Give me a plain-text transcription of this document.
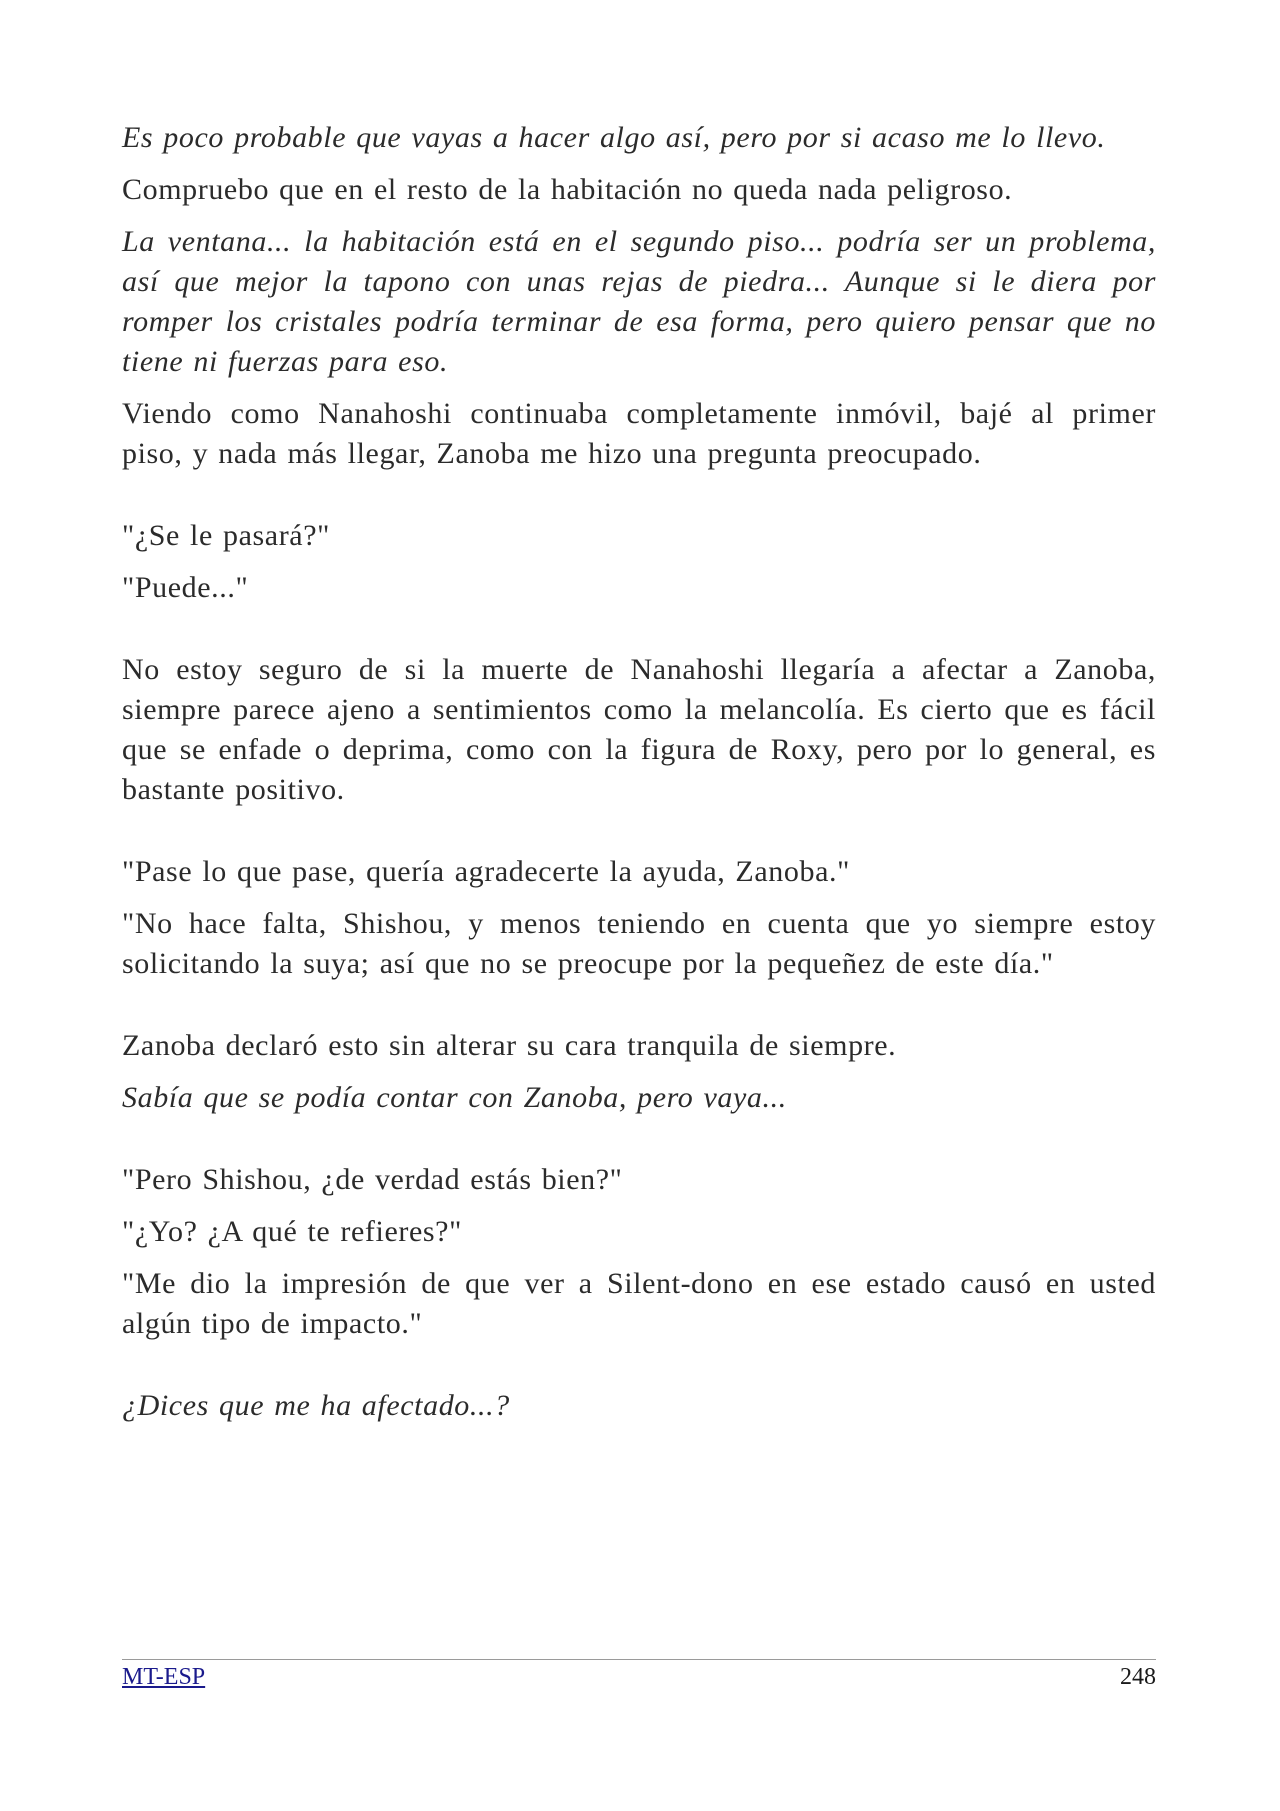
Es poco probable que vayas a hacer algo así, pero por si acaso me lo llevo.

Compruebo que en el resto de la habitación no queda nada peligroso.

La ventana... la habitación está en el segundo piso... podría ser un problema, así que mejor la tapono con unas rejas de piedra... Aunque si le diera por romper los cristales podría terminar de esa forma, pero quiero pensar que no tiene ni fuerzas para eso.

Viendo como Nanahoshi continuaba completamente inmóvil, bajé al primer piso, y nada más llegar, Zanoba me hizo una pregunta preocupado.

"¿Se le pasará?"

"Puede..."

No estoy seguro de si la muerte de Nanahoshi llegaría a afectar a Zanoba, siempre parece ajeno a sentimientos como la melancolía. Es cierto que es fácil que se enfade o deprima, como con la figura de Roxy, pero por lo general, es bastante positivo.

"Pase lo que pase, quería agradecerte la ayuda, Zanoba."

"No hace falta, Shishou, y menos teniendo en cuenta que yo siempre estoy solicitando la suya; así que no se preocupe por la pequeñez de este día."

Zanoba declaró esto sin alterar su cara tranquila de siempre.

Sabía que se podía contar con Zanoba, pero vaya...

"Pero Shishou, ¿de verdad estás bien?"

"¿Yo? ¿A qué te refieres?"

"Me dio la impresión de que ver a Silent-dono en ese estado causó en usted algún tipo de impacto."

¿Dices que me ha afectado...?

MT-ESP	248
